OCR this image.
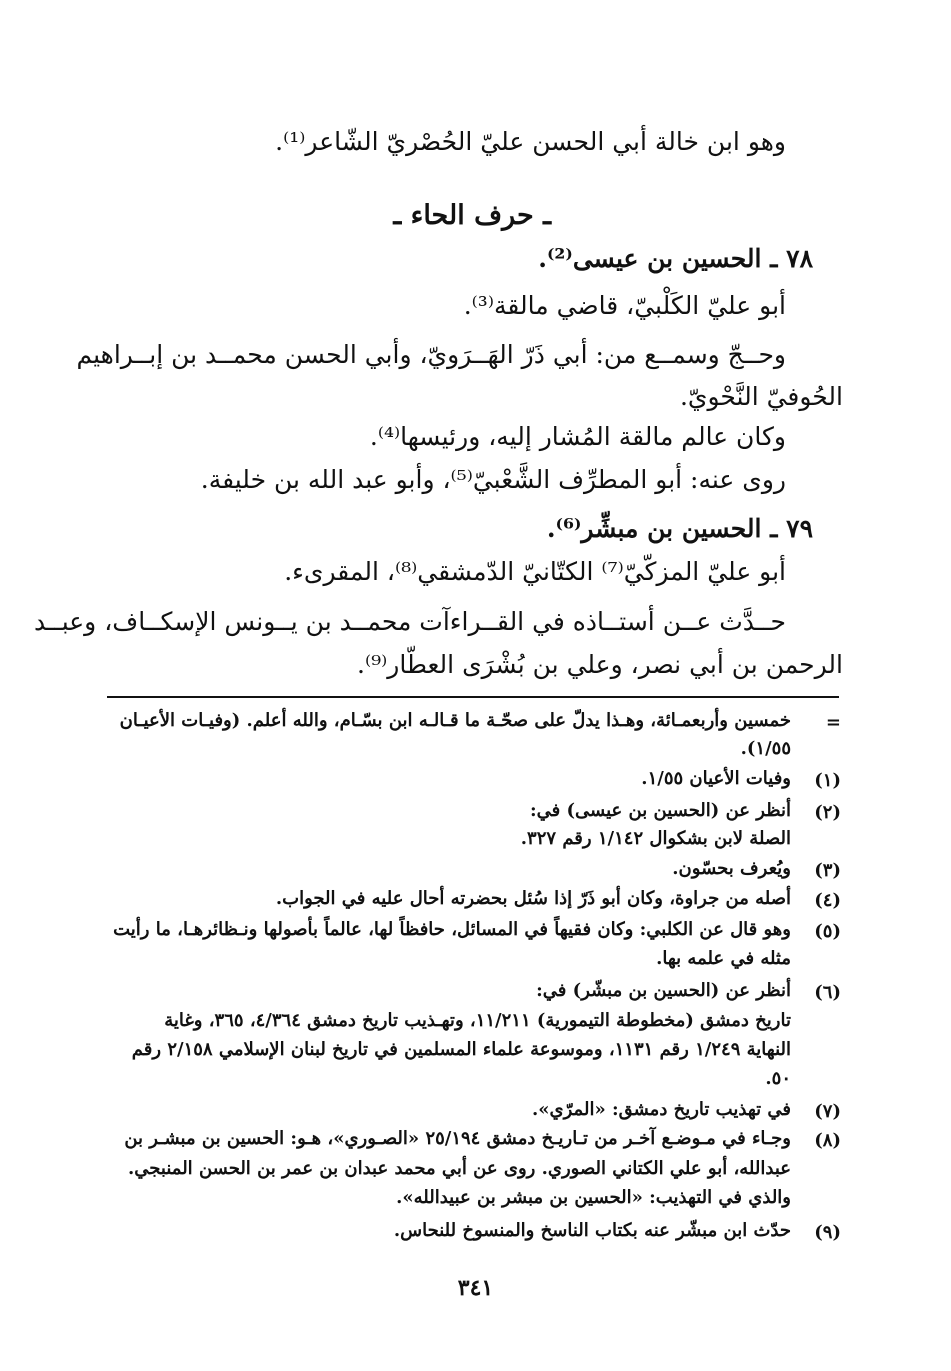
وهو ابن خالة أبي الحسن عليّ الحُصْريّ الشّاعر⁽¹⁾.
ـ حرف الحاء ـ
٧٨ ـ الحسين بن عيسى⁽²⁾.
أبو عليّ الكَلْبيّ، قاضي مالقة⁽³⁾.
وحــجّ وسمــع من: أبي ذَرّ الهَــرَويّ، وأبي الحسن محمــد بن إبــراهيم
الحُوفيّ النَّحْويّ.
وكان عالم مالقة المُشار إليه، ورئيسها⁽⁴⁾.
روى عنه: أبو المطرِّف الشَّعْبيّ⁽⁵⁾، وأبو عبد الله بن خليفة.
٧٩ ـ الحسين بن مبشِّر⁽⁶⁾.
أبو عليّ المزكّيّ⁽⁷⁾ الكتّانيّ الدّمشقي⁽⁸⁾، المقرىء.
حــدَّث عــن أستــاذه في القــراءآت محمــد بن يــونس الإسكــاف، وعبــد
الرحمن بن أبي نصر، وعلي بن بُشْرَى العطّار⁽⁹⁾.
=
خمسين وأربعمـائة، وهـذا يدلّ على صحّـة ما قـالـه ابن بسّـام، والله أعلم. (وفيـات الأعيـان
١/٥٥).
(١)
وفيات الأعيان ١/٥٥.
(٢)
أنظر عن (الحسين بن عيسى) في:
الصلة لابن بشكوال ١/١٤٢ رقم ٣٢٧.
(٣)
ويُعرف بحسّون.
(٤)
أصله من جراوة، وكان أبو ذَرّ إذا سُئل بحضرته أحال عليه في الجواب.
(٥)
وهو قال عن الكلبي: وكان فقيهاً في المسائل، حافظاً لها، عالماً بأصولها ونـظائرهـا، ما رأيت
مثله في علمه بها.
(٦)
أنظر عن (الحسين بن مبشّر) في:
تاريخ دمشق (مخطوطة التيمورية) ١١/٢١١، وتهـذيب تاريخ دمشق ٤/٣٦٤، ٣٦٥، وغاية
النهاية ١/٢٤٩ رقم ١١٣١، وموسوعة علماء المسلمين في تاريخ لبنان الإسلامي ٢/١٥٨ رقم
٥٠.
(٧)
في تهذيب تاريخ دمشق: «المرّي».
(٨)
وجـاء في مـوضـع آخـر من تـاريـخ دمشق ٢٥/١٩٤ «الصـوري»، هـو: الحسين بن مبشـر بن
عبدالله، أبو علي الكتاني الصوري. روى عن أبي محمد عبدان بن عمر بن الحسن المنبجي.
والذي في التهذيب: «الحسين بن مبشر بن عبيدالله».
(٩)
حدّث ابن مبشّر عنه بكتاب الناسخ والمنسوخ للنحاس.
٣٤١
